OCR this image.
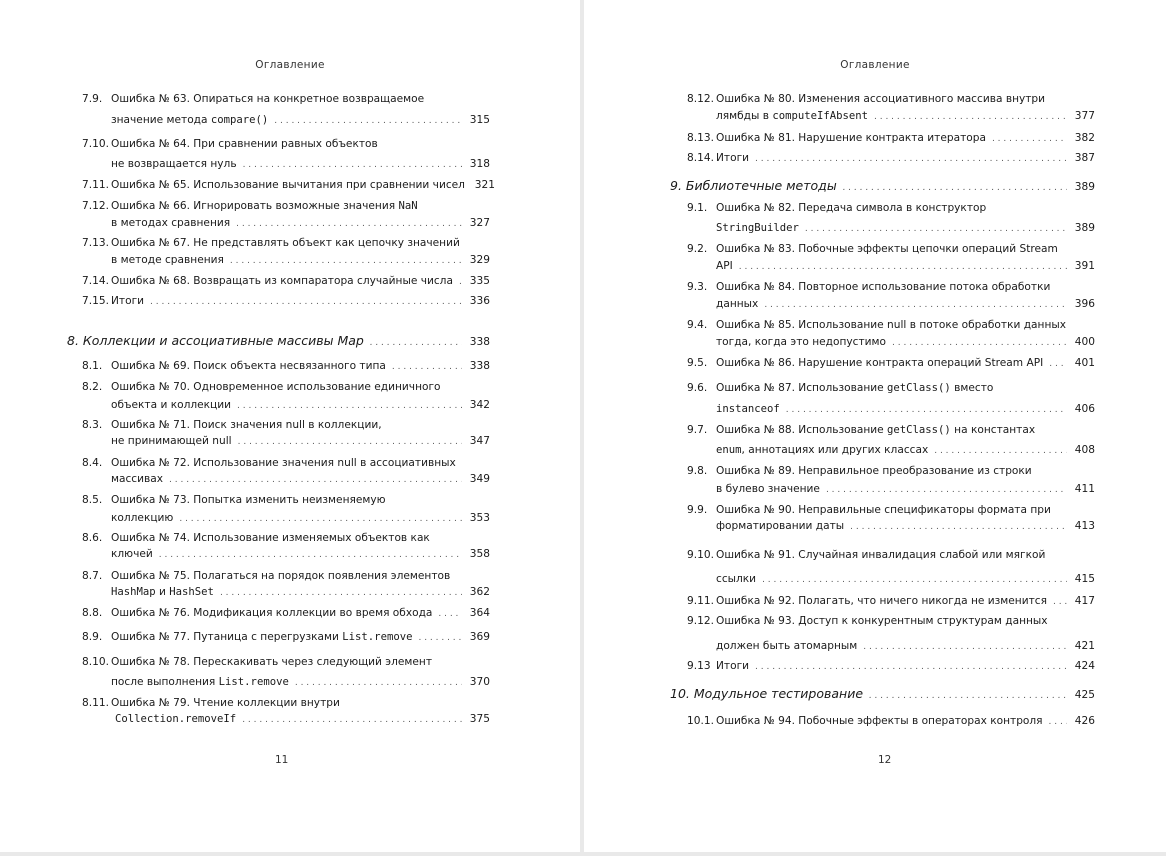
Оглавление
7.9. Ошибка № 63. Опираться на конкретное возвращаемое
значение метода compare() . . .	315
7.10. Ошибка № 64. При сравнении равных объектов
не возвращается нуль . . .	318
7.11. Ошибка № 65. Использование вычитания при сравнении чисел 321
7.12. Ошибка № 66. Игнорировать возможные значения NaN
в методах сравнения . . .	327
7.13. Ошибка № 67. Не представлять объект как цепочку значений
в методе сравнения . . .	329
7.14. Ошибка № 68. Возвращать из компаратора случайные числа . . . 335
7.15. Итоги . . .	336
8. Коллекции и ассоциативные массивы Map . . .	338
8.1. Ошибка № 69. Поиск объекта несвязанного типа . . .	338
8.2. Ошибка № 70. Одновременное использование единичного
объекта и коллекции . . .	342
8.3. Ошибка № 71. Поиск значения null в коллекции,
не принимающей null . . .	347
8.4. Ошибка № 72. Использование значения null в ассоциативных
массивах . . .	349
8.5. Ошибка № 73. Попытка изменить неизменяемую
коллекцию . . .	353
8.6. Ошибка № 74. Использование изменяемых объектов как
ключей . . .	358
8.7. Ошибка № 75. Полагаться на порядок появления элементов
HashMap и HashSet . . .	362
8.8. Ошибка № 76. Модификация коллекции во время обхода . . .	364
8.9. Ошибка № 77. Путаница с перегрузками List.remove . . .	369
8.10. Ошибка № 78. Перескакивать через следующий элемент
после выполнения List.remove . . .	370
8.11. Ошибка № 79. Чтение коллекции внутри
Collection.removeIf . . .	375
11
Оглавление
8.12. Ошибка № 80. Изменения ассоциативного массива внутри
лямбды в computeIfAbsent . . .	377
8.13. Ошибка № 81. Нарушение контракта итератора . . .	382
8.14. Итоги . . .	387
9. Библиотечные методы . . .	389
9.1. Ошибка № 82. Передача символа в конструктор
StringBuilder . . .	389
9.2. Ошибка № 83. Побочные эффекты цепочки операций Stream
API . . .	391
9.3. Ошибка № 84. Повторное использование потока обработки
данных . . .	396
9.4. Ошибка № 85. Использование null в потоке обработки данных
тогда, когда это недопустимо . . .	400
9.5. Ошибка № 86. Нарушение контракта операций Stream API . . .	401
9.6. Ошибка № 87. Использование getClass() вместо
instanceof . . .	406
9.7. Ошибка № 88. Использование getClass() на константах
enum, аннотациях или других классах . . .	408
9.8. Ошибка № 89. Неправильное преобразование из строки
в булево значение . . .	411
9.9. Ошибка № 90. Неправильные спецификаторы формата при
форматировании даты . . .	413
9.10. Ошибка № 91. Случайная инвалидация слабой или мягкой
ссылки . . .	415
9.11. Ошибка № 92. Полагать, что ничего никогда не изменится . . .	417
9.12. Ошибка № 93. Доступ к конкурентным структурам данных
должен быть атомарным . . .	421
9.13 Итоги . . .	424
10. Модульное тестирование . . .	425
10.1. Ошибка № 94. Побочные эффекты в операторах контроля . . .	426
12
